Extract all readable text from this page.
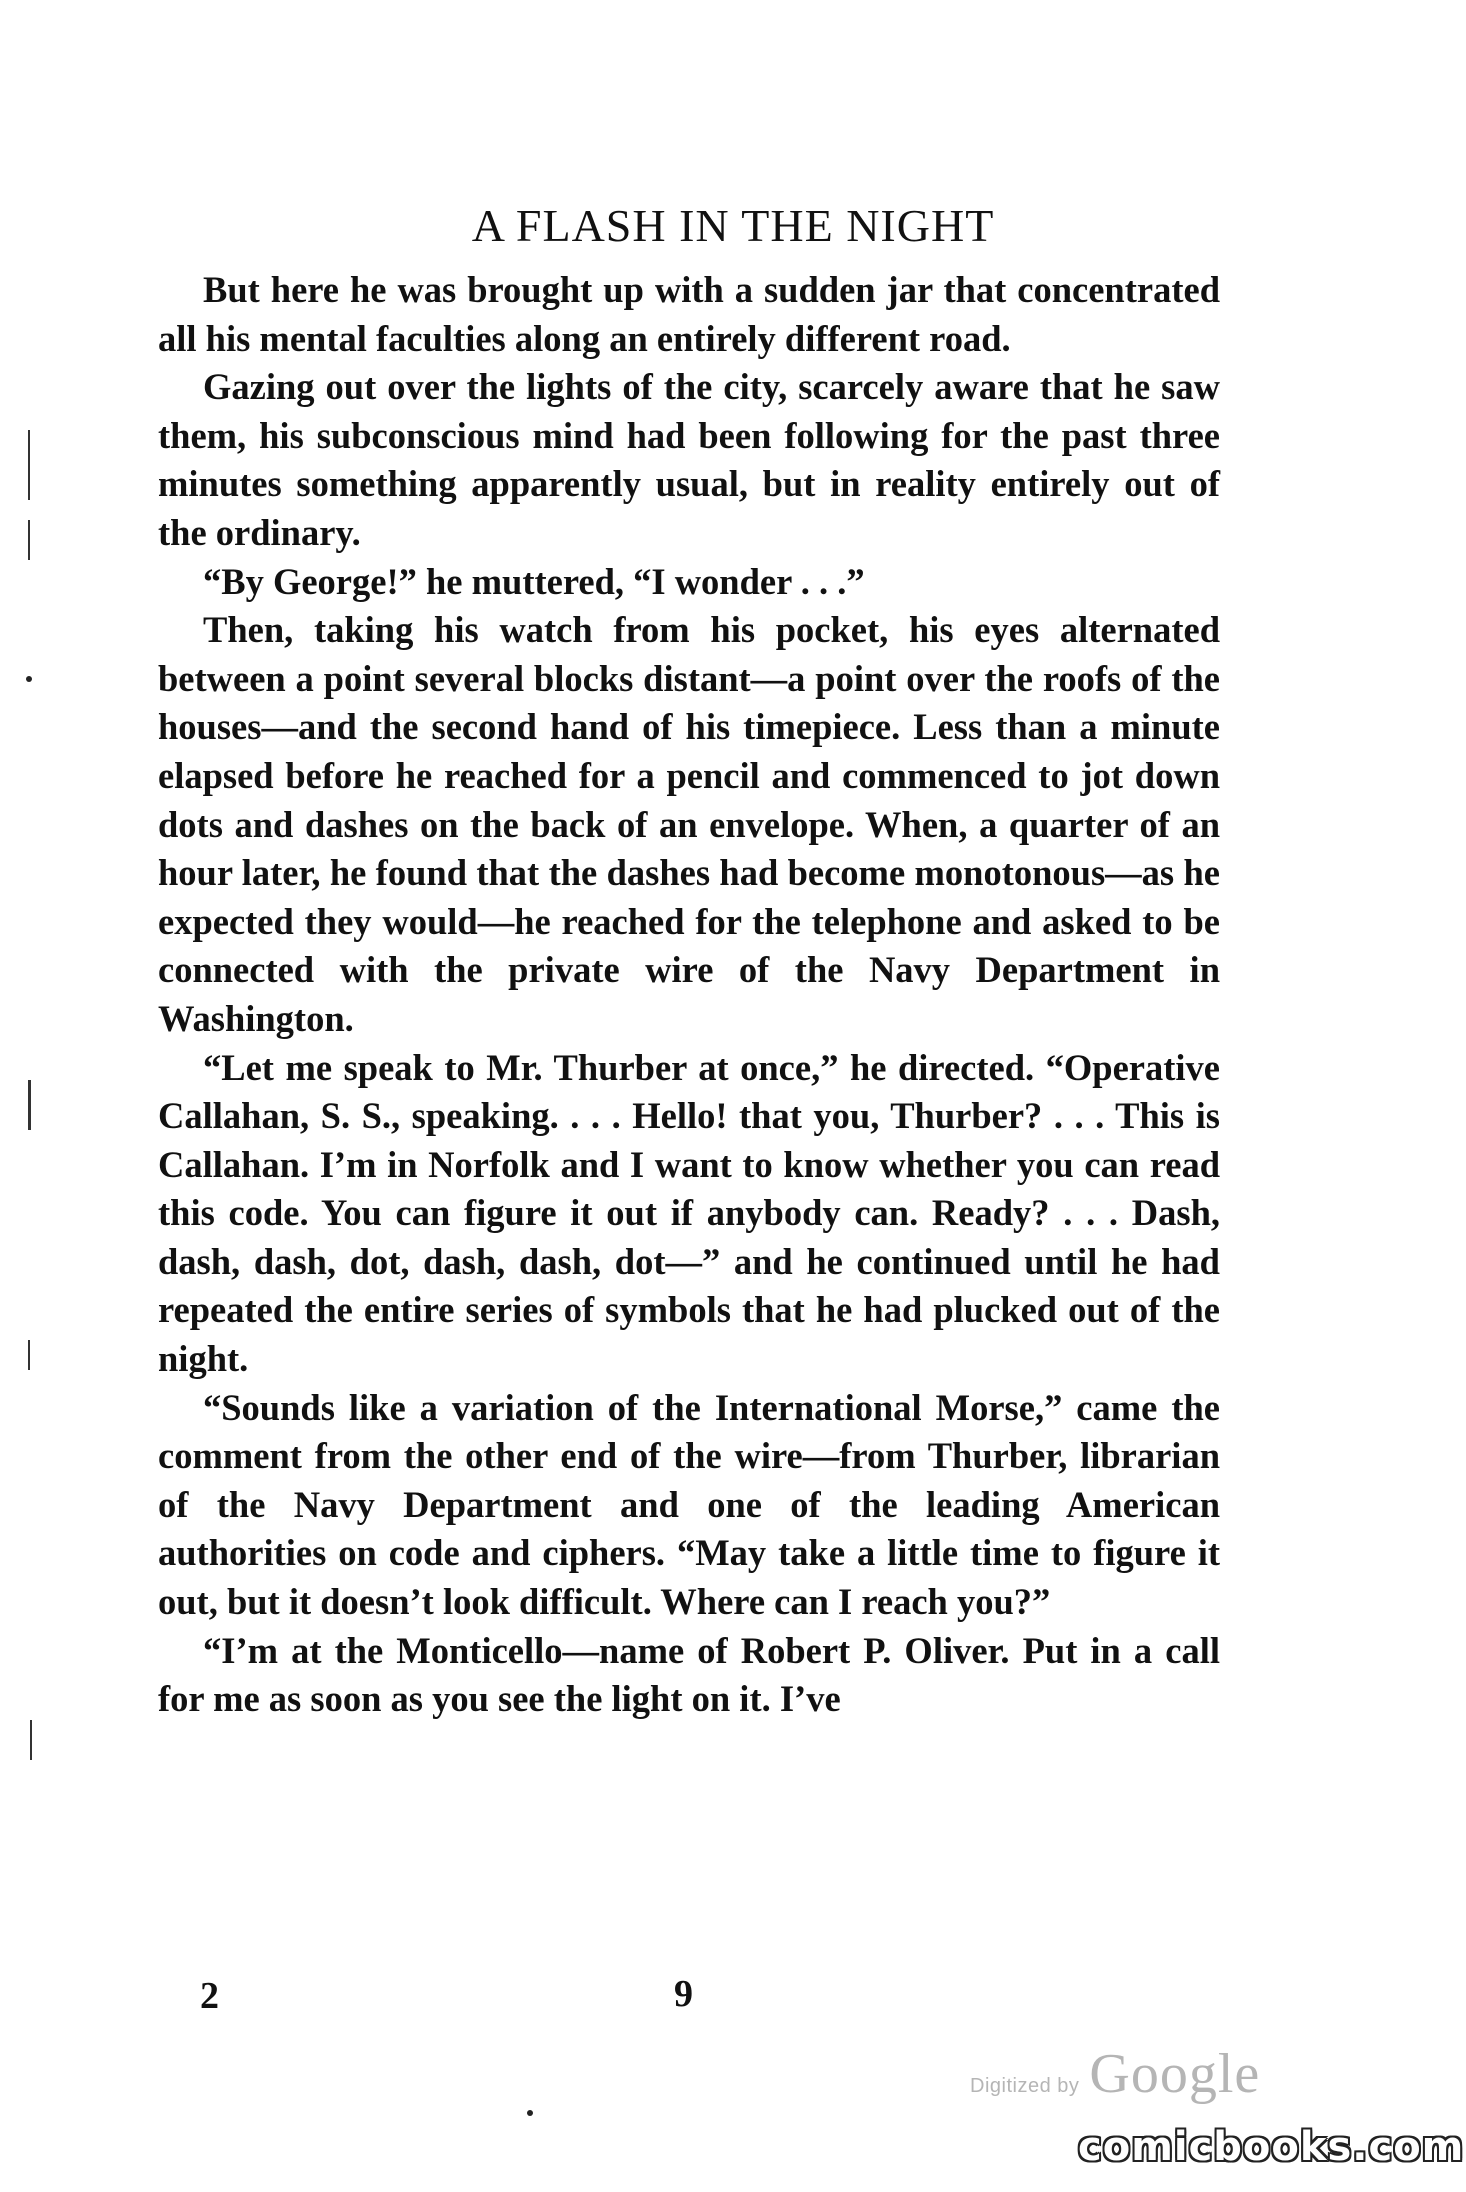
A FLASH IN THE NIGHT

But here he was brought up with a sudden jar that concentrated all his mental faculties along an entirely different road.

Gazing out over the lights of the city, scarcely aware that he saw them, his subconscious mind had been following for the past three minutes something apparently usual, but in reality entirely out of the ordinary.

“By George!” he muttered, “I wonder . . .”

Then, taking his watch from his pocket, his eyes alternated between a point several blocks distant—a point over the roofs of the houses—and the second hand of his timepiece. Less than a minute elapsed before he reached for a pencil and commenced to jot down dots and dashes on the back of an envelope. When, a quarter of an hour later, he found that the dashes had become monotonous—as he expected they would—he reached for the telephone and asked to be connected with the private wire of the Navy Department in Washington.

“Let me speak to Mr. Thurber at once,” he directed. “Operative Callahan, S. S., speaking. . . . Hello! that you, Thurber? . . . This is Callahan. I’m in Norfolk and I want to know whether you can read this code. You can figure it out if anybody can. Ready? . . . Dash, dash, dash, dot, dash, dash, dot—” and he continued until he had repeated the entire series of symbols that he had plucked out of the night.

“Sounds like a variation of the International Morse,” came the comment from the other end of the wire—from Thurber, librarian of the Navy Department and one of the leading American authorities on code and ciphers. “May take a little time to figure it out, but it doesn’t look difficult. Where can I reach you?”

“I’m at the Monticello—name of Robert P. Oliver. Put in a call for me as soon as you see the light on it. I’ve

2	9
Digitized by Google
comicbooks.com
